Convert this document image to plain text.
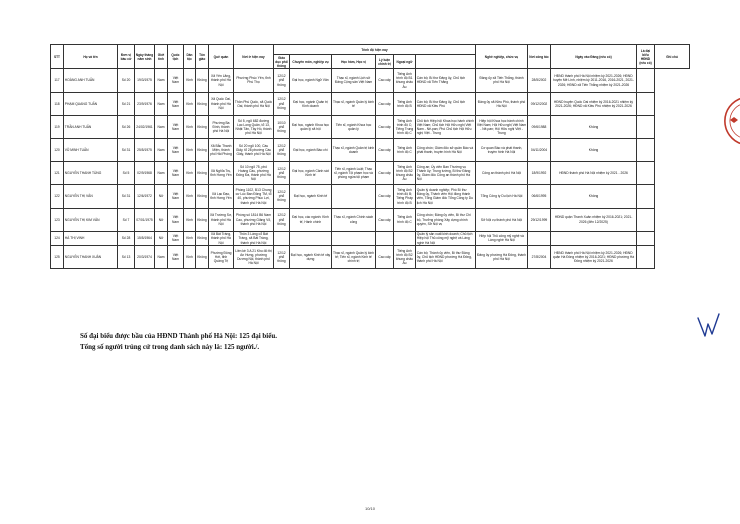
STT	Họ và tên	Đơn vị bầu cử	Ngày tháng năm sinh	Giới tính	Quốc tịch	Dân tộc	Tôn giáo	Quê quán	Nơi ở hiện nay	Trình độ hiện nay						Nghề nghiệp, chức vụ	Nơi công tác	Ngày vào Đảng (nếu có)	Là đại biểu HĐND (nếu có)	Ghi chú
										Giáo dục phổ thông	Chuyên môn, nghiệp vụ	Học hàm, Học vị	Lý luận chính trị	Ngoại ngữ						
117	HOÀNG ANH TUẤN	Số 20	19/3/1975	Nam	Việt Nam	Kinh	Không	Xã Yên Lãng, thành phố Hà Nội	Phường Phúc Yên, tỉnh Phú Thọ	12/12 phổ thông	Đại học, ngành Ngữ Văn	Thạc sĩ, ngành Lịch sử Đảng Cộng sản Việt Nam	Cao cấp	Tiếng Anh trình độ B1 khung châu Âu	Cán bộ; Bí thư Đảng ủy, Chủ tịch HĐND xã Tiến Thắng	Đảng ủy xã Tiến Thắng, thành phố Hà Nội	28/5/2002	HĐND thành phố Hà Nội nhiệm kỳ 2021-2026; HĐND huyện Mê Linh, nhiệm kỳ 2011-2016, 2016-2021, 2021-2026; HĐND xã Tiến Thắng nhiệm kỳ 2021-2026		
118	PHẠM QUANG TUẤN	Số 21	23/9/1976	Nam	Việt Nam	Kinh	Không	Xã Quốc Oai, thành phố Hà Nội	Thôn Phú Quốc, xã Quốc Oai, thành phố Hà Nội	12/12 phổ thông	Đại học, ngành Quản trị Kinh doanh	Thạc sĩ, ngành Quản lý kinh tế	Cao cấp	Tiếng Anh trình độ B	Cán bộ; Bí thư Đảng ủy, Chủ tịch HĐND xã Kiều Phú	Đảng ủy xã Kiều Phú, thành phố Hà Nội	09/12/2002	HĐND huyện Quốc Oai nhiệm kỳ 2016-2021 nhiệm kỳ 2021-2026; HĐND xã Kiều Phú nhiệm kỳ 2021-2026		
119	TRẦN ANH TUẤN	Số 26	24/02/1961	Nam	Việt Nam	Kinh	Không	Phường Ba Đình, thành phố Hà Nội	Số 5, ngõ 682 đường Lạc Long Quân, tổ 13, Nhật Tân, Tây Hồ, thành phố Hà Nội	10/10 phổ thông	Đại học, ngành Khoa học quản lý xã hội	Tiến sĩ, ngành Khoa học quản lý	Cao cấp	Tiếng Anh trình độ C; Tiếng Trung trình độ C	Chủ tịch Hiệp hội Khoa học hành chính Việt Nam; Chủ tịch Hội Hữu nghị Việt Nam - Nê-pan; Phó Chủ tịch Hội Hữu nghị Việt - Trung	Hiệp hội Khoa học hành chính Việt Nam; Hội Hữu nghị Việt Nam - Nê-pan; Hội Hữu nghị Việt - Trung	09/6/1988	Không		
120	VŨ MINH TUẤN	Số 31	25/5/1975	Nam	Việt Nam	Kinh	Không	Xã Bắc Thanh Miện, thành phố Hải Phòng	Số 20 ngõ 100, Cầu Giấy, tổ 28 phường Cầu Giấy, thành phố Hà Nội	12/12 phổ thông	Đại học, ngành Báo chí	Thạc sĩ, ngành Quản trị kinh doanh	Cao cấp	Tiếng Anh trình độ C	Công chức; Giám đốc sở quản Báo và phát thanh, truyền hình Hà Nội	Cơ quan Báo và phát thanh, truyền hình Hà Nội	04/11/2004	Không		
121	NGUYỄN THANH TÙNG	Số 5	02/9/1968	Nam	Việt Nam	Kinh	Không	Xã Nghĩa Trụ, tỉnh Hưng Yên	Số 10 ngõ 75, phố Hoàng Cầu, phường Đống Đa, thành phố Hà Nội	12/12 phổ thông	Đại học, ngành Cảnh sát Kinh tế	Tiến sĩ, ngành Luật; Thạc sĩ, ngành Tội phạm học và phòng ngừa tội phạm	Cao cấp	Tiếng Anh trình độ B2 khung châu Âu	Công an; Ủy viên Ban Thường vụ Thành ủy; Trung tướng, Bí thư Đảng ủy, Giám đốc Công an thành phố Hà Nội	Công an thành phố Hà Nội	18/9/1992	HĐND thành phố Hà Nội nhiệm kỳ 2021 - 2026		
122	NGUYỄN THỊ VÂN	Số 31	12/6/1972	Nữ	Việt Nam	Kinh	Không	Xã Lạc Đạo, tỉnh Hưng Yên	Phòng 1102, B13 Chung cư Lúc Ban Đông TM, tổ 40, phường Phúc Lợi, thành phố Hà Nội	12/12 phổ thông	Đại học, ngành Kinh tế		Cao cấp	Tiếng Anh trình độ B; Tiếng Pháp trình độ B	Quản lý doanh nghiệp; Phó Bí thư Đảng ủy, Thành viên Hội đồng thành viên, Tổng Giám đốc Tổng Công ty Du lịch Hà Nội	Tổng Công ty Du lịch Hà Nội	06/6/1995	Không		
123	NGUYỄN THỊ KIM VÂN	Số 7	07/01/1975	Nữ	Việt Nam	Kinh	Không	Xã Trường Sơ, thành phố Hà Nội	Phòng số 1814 B6 Nam Cao, phường Giảng Võ, thành phố Hà Nội	12/12 phổ thông	Đại học, các ngành: Kinh tế, Hành chính	Thạc sĩ, ngành Chính sách công	Cao cấp	Tiếng Anh trình độ C	Công chức; Đảng ủy viên, Bí thư Chi bộ, Trưởng phòng Xây dựng chính quyền, Sở Nội vụ	Sở Nội vụ thành phố Hà Nội	29/12/1999	HĐND quận Thanh Xuân nhiệm kỳ 2016-2021; 2021-2026 (đến 12/2025)		
124	HÀ THỊ VINH	Số 28	15/5/1964	Nữ	Việt Nam	Kinh	Không	Xã Bát Tràng, thành phố Hà Nội	Thôn 3 Làng cổ Bát Tràng, xã Bát Tràng, thành phố Hà Nội						Quản lý sản xuất kinh doanh; Chủ tịch Hiệp hội Thủ công mỹ nghệ và Làng nghề Hà Nội	Hiệp hội Thủ công mỹ nghệ và Làng nghề Hà Nội				
125	NGUYỄN THANH XUÂN	Số 13	20/3/1974	Nam	Việt Nam	Kinh	Không	Phường Đông Hới, tỉnh Quảng Trị	Liền kề 3 A 21 Khu đô thị An Hưng, phường Dương Nội, thành phố Hà Nội	12/12 phổ thông	Đại học, ngành Kinh tế xây dựng	Thạc sĩ, ngành Quản lý kinh tế; Tiến sĩ, ngành Kinh tế chính trị	Cao cấp	Tiếng Anh trình độ B2 khung châu Âu	Cán bộ; Thành ủy viên, Bí thư Đảng ủy, Chủ tịch HĐND phường Hà Đông, thành phố Hà Nội	Đảng ủy phường Hà Đông, thành phố Hà Nội	27/8/2004	HĐND thành phố Hà Nội nhiệm kỳ 2021-2026; HĐND quận Hà Đông nhiệm kỳ 2016-2021; HĐND phường Hà Đông nhiệm kỳ 2021-2026		
Số đại biểu được bầu của HĐND Thành phố Hà Nội: 125 đại biểu.
Tổng số người trúng cử trong danh sách này là: 125 người./.
10/10
